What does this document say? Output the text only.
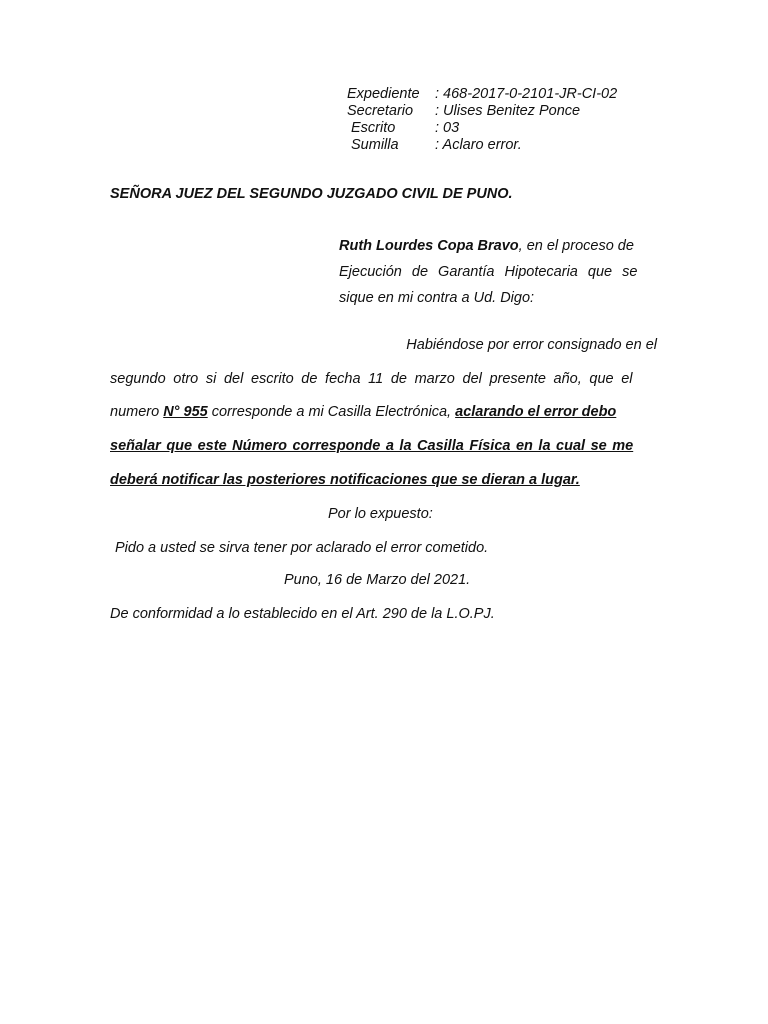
Expediente	: 468-2017-0-2101-JR-CI-02
Secretario	: Ulises Benitez Ponce
Escrito	: 03
Sumilla	: Aclaro error.
SEÑORA JUEZ DEL SEGUNDO JUZGADO CIVIL DE PUNO.
Ruth Lourdes Copa Bravo , en el proceso de
Ejecución de Garantía Hipotecaria que se
sique en mi contra a Ud. Digo:
Habiéndose por error consignado en el
segundo otro si del escrito de fecha 11 de marzo del presente año, que el
numero N° 955 corresponde a mi Casilla Electrónica, aclarando el error debo
señalar que este Número corresponde a la Casilla Física en la cual se me
deberá notificar las posteriores notificaciones que se dieran a lugar.
Por lo expuesto:
Pido a usted se sirva tener por aclarado el error cometido.
Puno, 16 de Marzo del 2021.
De conformidad a lo establecido en el Art. 290 de la L.O.PJ.
